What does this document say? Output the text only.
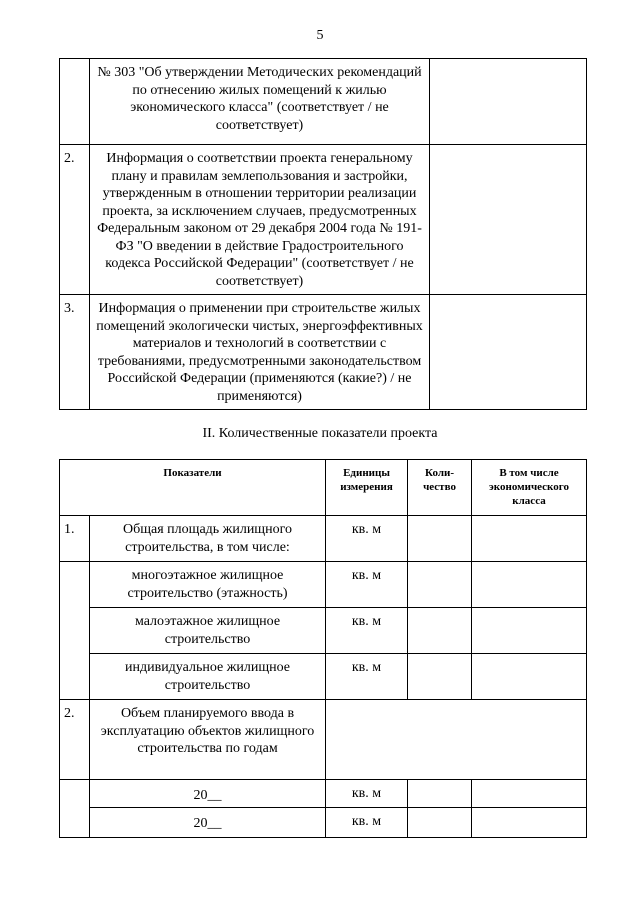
5
	№ 303 "Об утверждении Методических рекомендаций по отнесению жилых помещений к жилью экономического класса" (соответствует / не соответствует)	
2.	Информация о соответствии проекта генеральному плану и правилам землепользования и застройки, утвержденным в отношении территории реализации проекта, за исключением случаев, предусмотренных Федеральным законом от 29 декабря 2004 года № 191-ФЗ "О введении в действие Градостроительного кодекса Российской Федерации" (соответствует / не соответствует)	
3.	Информация о применении при строительстве жилых помещений экологически чистых, энергоэффективных материалов и технологий в соответствии с требованиями, предусмотренными законодательством Российской Федерации (применяются (какие?) / не применяются)	
II. Количественные показатели проекта
Показатели		Единицы измерения	Коли-чество	В том числе экономического класса
1.	Общая площадь жилищного строительства, в том числе:	кв. м		
	многоэтажное жилищное строительство (этажность)	кв. м		
	малоэтажное жилищное строительство	кв. м		
	индивидуальное жилищное строительство	кв. м		
2.	Объем планируемого ввода в эксплуатацию объектов жилищного строительства по годам			
	20__	кв. м		
	20__	кв. м		
